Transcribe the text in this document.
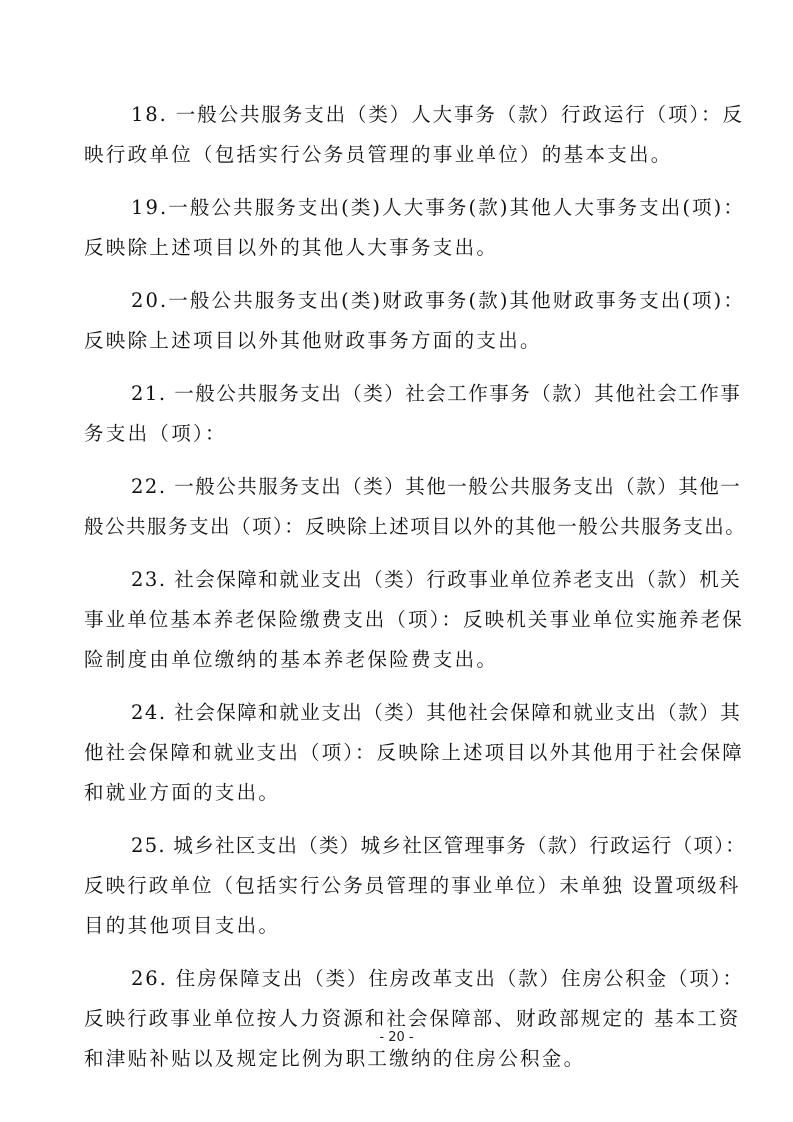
18. 一般公共服务支出（类）人大事务（款）行政运行（项）：反

映行政单位（包括实行公务员管理的事业单位）的基本支出。

19.一般公共服务支出(类)人大事务(款)其他人大事务支出(项)：

反映除上述项目以外的其他人大事务支出。

20.一般公共服务支出(类)财政事务(款)其他财政事务支出(项)：

反映除上述项目以外其他财政事务方面的支出。

21. 一般公共服务支出（类）社会工作事务（款）其他社会工作事

务支出（项）：

22. 一般公共服务支出（类）其他一般公共服务支出（款）其他一

般公共服务支出（项）：反映除上述项目以外的其他一般公共服务支出。

23. 社会保障和就业支出（类）行政事业单位养老支出（款）机关

事业单位基本养老保险缴费支出（项）：反映机关事业单位实施养老保

险制度由单位缴纳的基本养老保险费支出。

24. 社会保障和就业支出（类）其他社会保障和就业支出（款）其

他社会保障和就业支出（项）：反映除上述项目以外其他用于社会保障

和就业方面的支出。

25. 城乡社区支出（类）城乡社区管理事务（款）行政运行（项）：

反映行政单位（包括实行公务员管理的事业单位）未单独 设置项级科

目的其他项目支出。

26. 住房保障支出（类）住房改革支出（款）住房公积金（项）：

反映行政事业单位按人力资源和社会保障部、财政部规定的 基本工资

和津贴补贴以及规定比例为职工缴纳的住房公积金。

- 20 -
